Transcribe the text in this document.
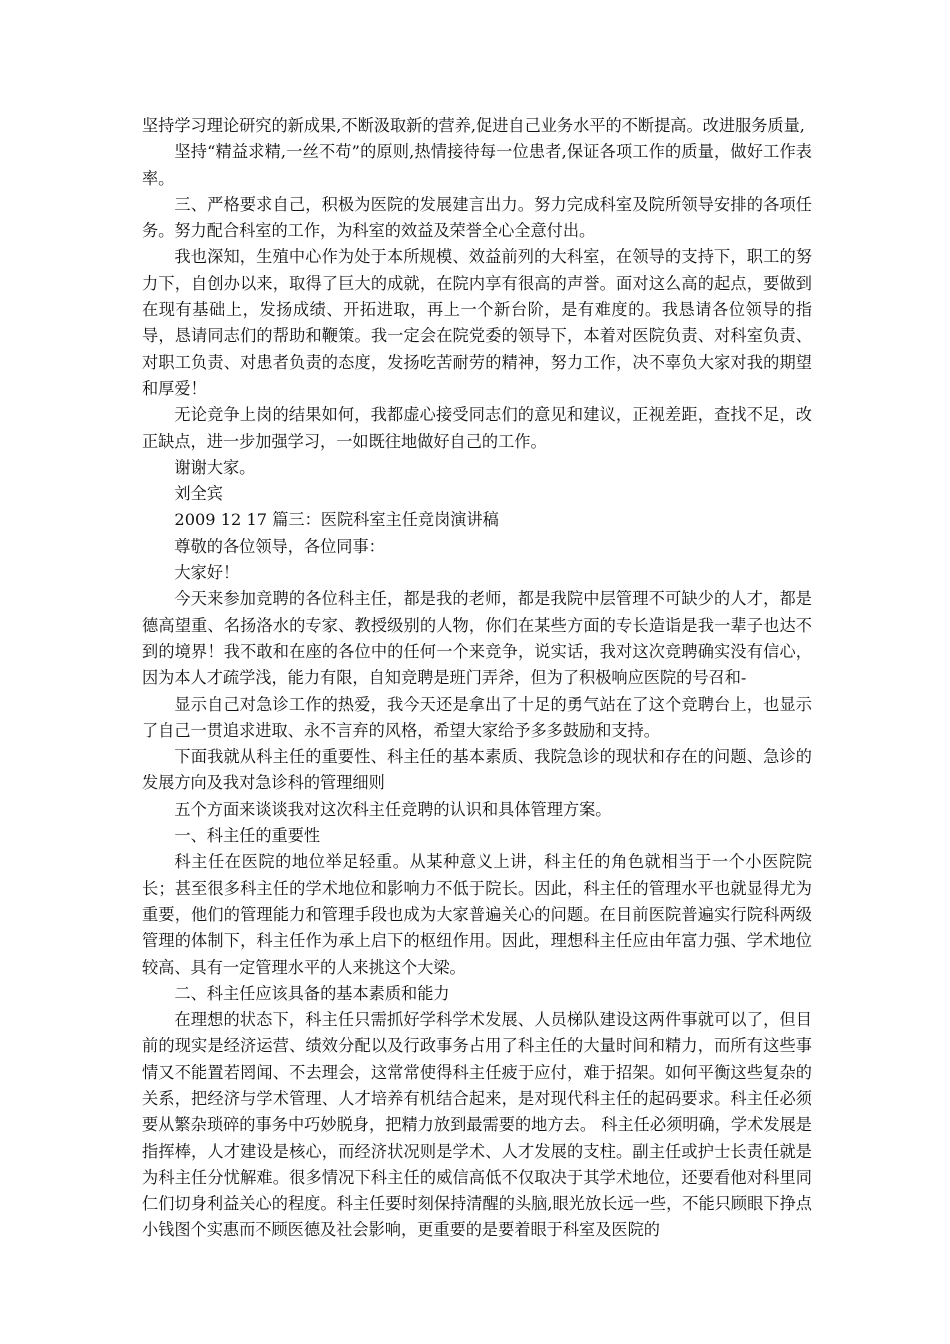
坚持学习理论研究的新成果,不断汲取新的营养,促进自己业务水平的不断提高。改进服务质量,

坚持“精益求精,一丝不苟”的原则,热情接待每一位患者,保证各项工作的质量，做好工作表率。

三、严格要求自己，积极为医院的发展建言出力。努力完成科室及院所领导安排的各项任务。努力配合科室的工作，为科室的效益及荣誉全心全意付出。

我也深知，生殖中心作为处于本所规模、效益前列的大科室，在领导的支持下，职工的努力下，自创办以来，取得了巨大的成就，在院内享有很高的声誉。面对这么高的起点，要做到在现有基础上，发扬成绩、开拓进取，再上一个新台阶，是有难度的。我恳请各位领导的指导，恳请同志们的帮助和鞭策。我一定会在院党委的领导下，本着对医院负责、对科室负责、对职工负责、对患者负责的态度，发扬吃苦耐劳的精神，努力工作，决不辜负大家对我的期望和厚爱！

无论竞争上岗的结果如何，我都虚心接受同志们的意见和建议，正视差距，查找不足，改正缺点，进一步加强学习，一如既往地做好自己的工作。

谢谢大家。

刘全宾

2009 12 17 篇三：医院科室主任竞岗演讲稿

尊敬的各位领导，各位同事：

大家好！

今天来参加竞聘的各位科主任，都是我的老师，都是我院中层管理不可缺少的人才，都是德高望重、名扬洛水的专家、教授级别的人物，你们在某些方面的专长造诣是我一辈子也达不到的境界！我不敢和在座的各位中的任何一个来竞争，说实话，我对这次竞聘确实没有信心，因为本人才疏学浅，能力有限，自知竞聘是班门弄斧，但为了积极响应医院的号召和-

显示自己对急诊工作的热爱，我今天还是拿出了十足的勇气站在了这个竞聘台上，也显示了自己一贯追求进取、永不言弃的风格，希望大家给予多多鼓励和支持。

下面我就从科主任的重要性、科主任的基本素质、我院急诊的现状和存在的问题、急诊的发展方向及我对急诊科的管理细则

五个方面来谈谈我对这次科主任竞聘的认识和具体管理方案。

一、科主任的重要性

科主任在医院的地位举足轻重。从某种意义上讲，科主任的角色就相当于一个小医院院长；甚至很多科主任的学术地位和影响力不低于院长。因此，科主任的管理水平也就显得尤为重要，他们的管理能力和管理手段也成为大家普遍关心的问题。在目前医院普遍实行院科两级管理的体制下，科主任作为承上启下的枢纽作用。因此，理想科主任应由年富力强、学术地位较高、具有一定管理水平的人来挑这个大梁。

二、科主任应该具备的基本素质和能力

在理想的状态下，科主任只需抓好学科学术发展、人员梯队建设这两件事就可以了，但目前的现实是经济运营、绩效分配以及行政事务占用了科主任的大量时间和精力，而所有这些事情又不能置若罔闻、不去理会，这常常使得科主任疲于应付，难于招架。如何平衡这些复杂的关系，把经济与学术管理、人才培养有机结合起来，是对现代科主任的起码要求。科主任必须要从繁杂琐碎的事务中巧妙脱身，把精力放到最需要的地方去。 科主任必须明确，学术发展是指挥棒，人才建设是核心，而经济状况则是学术、人才发展的支柱。副主任或护士长责任就是为科主任分忧解难。很多情况下科主任的威信高低不仅取决于其学术地位，还要看他对科里同仁们切身利益关心的程度。科主任要时刻保持清醒的头脑,眼光放长远一些，不能只顾眼下挣点小钱图个实惠而不顾医德及社会影响，更重要的是要着眼于科室及医院的
